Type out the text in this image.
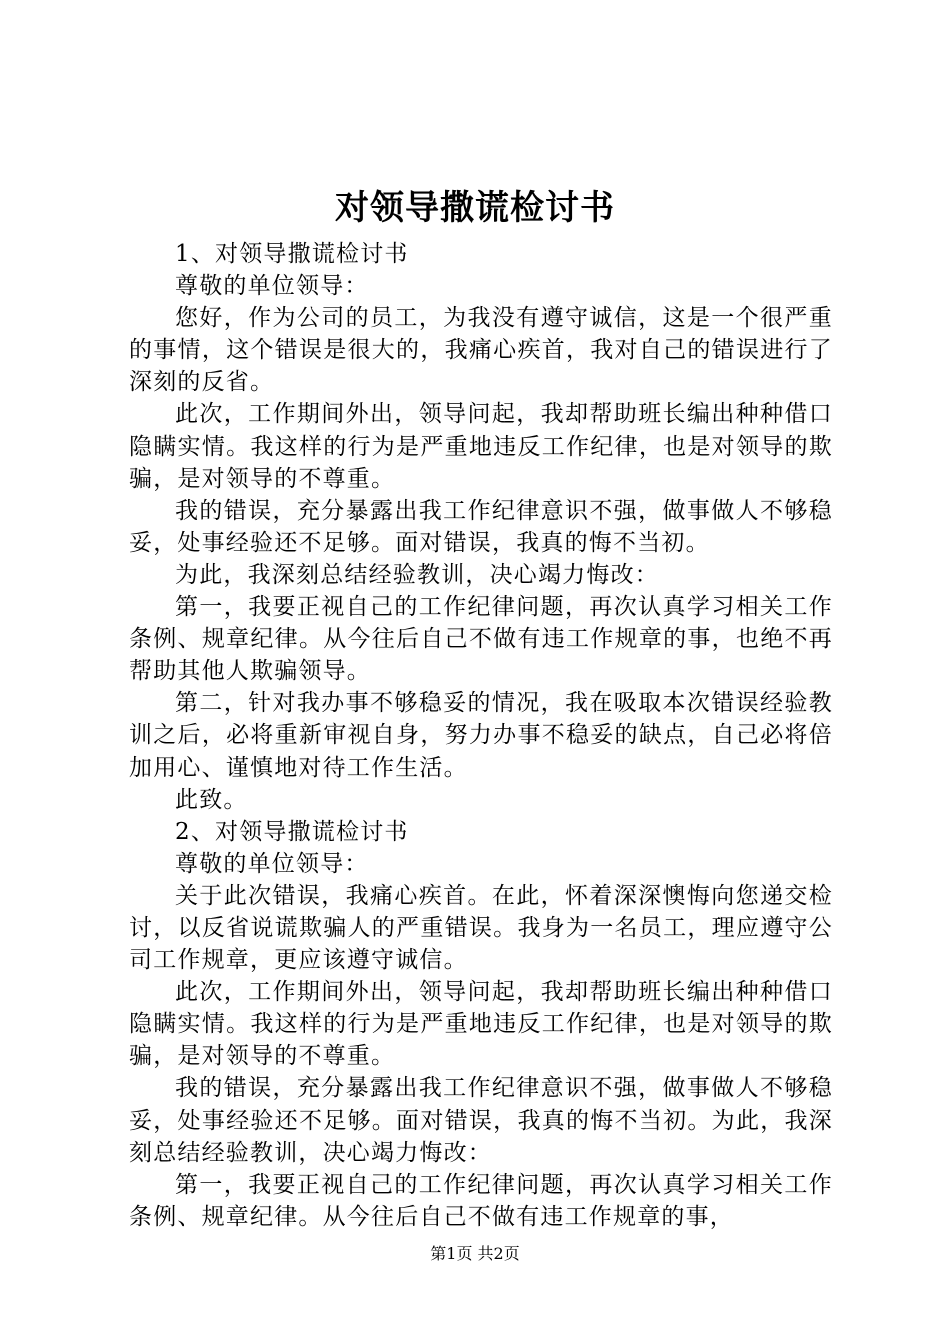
对领导撒谎检讨书

1、对领导撒谎检讨书

尊敬的单位领导：

您好，作为公司的员工，为我没有遵守诚信，这是一个很严重的事情，这个错误是很大的，我痛心疾首，我对自己的错误进行了深刻的反省。

此次，工作期间外出，领导问起，我却帮助班长编出种种借口隐瞒实情。我这样的行为是严重地违反工作纪律，也是对领导的欺骗，是对领导的不尊重。

我的错误，充分暴露出我工作纪律意识不强，做事做人不够稳妥，处事经验还不足够。面对错误，我真的悔不当初。

为此，我深刻总结经验教训，决心竭力悔改：

第一，我要正视自己的工作纪律问题，再次认真学习相关工作条例、规章纪律。从今往后自己不做有违工作规章的事，也绝不再帮助其他人欺骗领导。

第二，针对我办事不够稳妥的情况，我在吸取本次错误经验教训之后，必将重新审视自身，努力办事不稳妥的缺点，自己必将倍加用心、谨慎地对待工作生活。

此致。

2、对领导撒谎检讨书

尊敬的单位领导：

关于此次错误，我痛心疾首。在此，怀着深深懊悔向您递交检讨，以反省说谎欺骗人的严重错误。我身为一名员工，理应遵守公司工作规章，更应该遵守诚信。

此次，工作期间外出，领导问起，我却帮助班长编出种种借口隐瞒实情。我这样的行为是严重地违反工作纪律，也是对领导的欺骗，是对领导的不尊重。

我的错误，充分暴露出我工作纪律意识不强，做事做人不够稳妥，处事经验还不足够。面对错误，我真的悔不当初。为此，我深刻总结经验教训，决心竭力悔改：

第一，我要正视自己的工作纪律问题，再次认真学习相关工作条例、规章纪律。从今往后自己不做有违工作规章的事，

第1页 共2页
